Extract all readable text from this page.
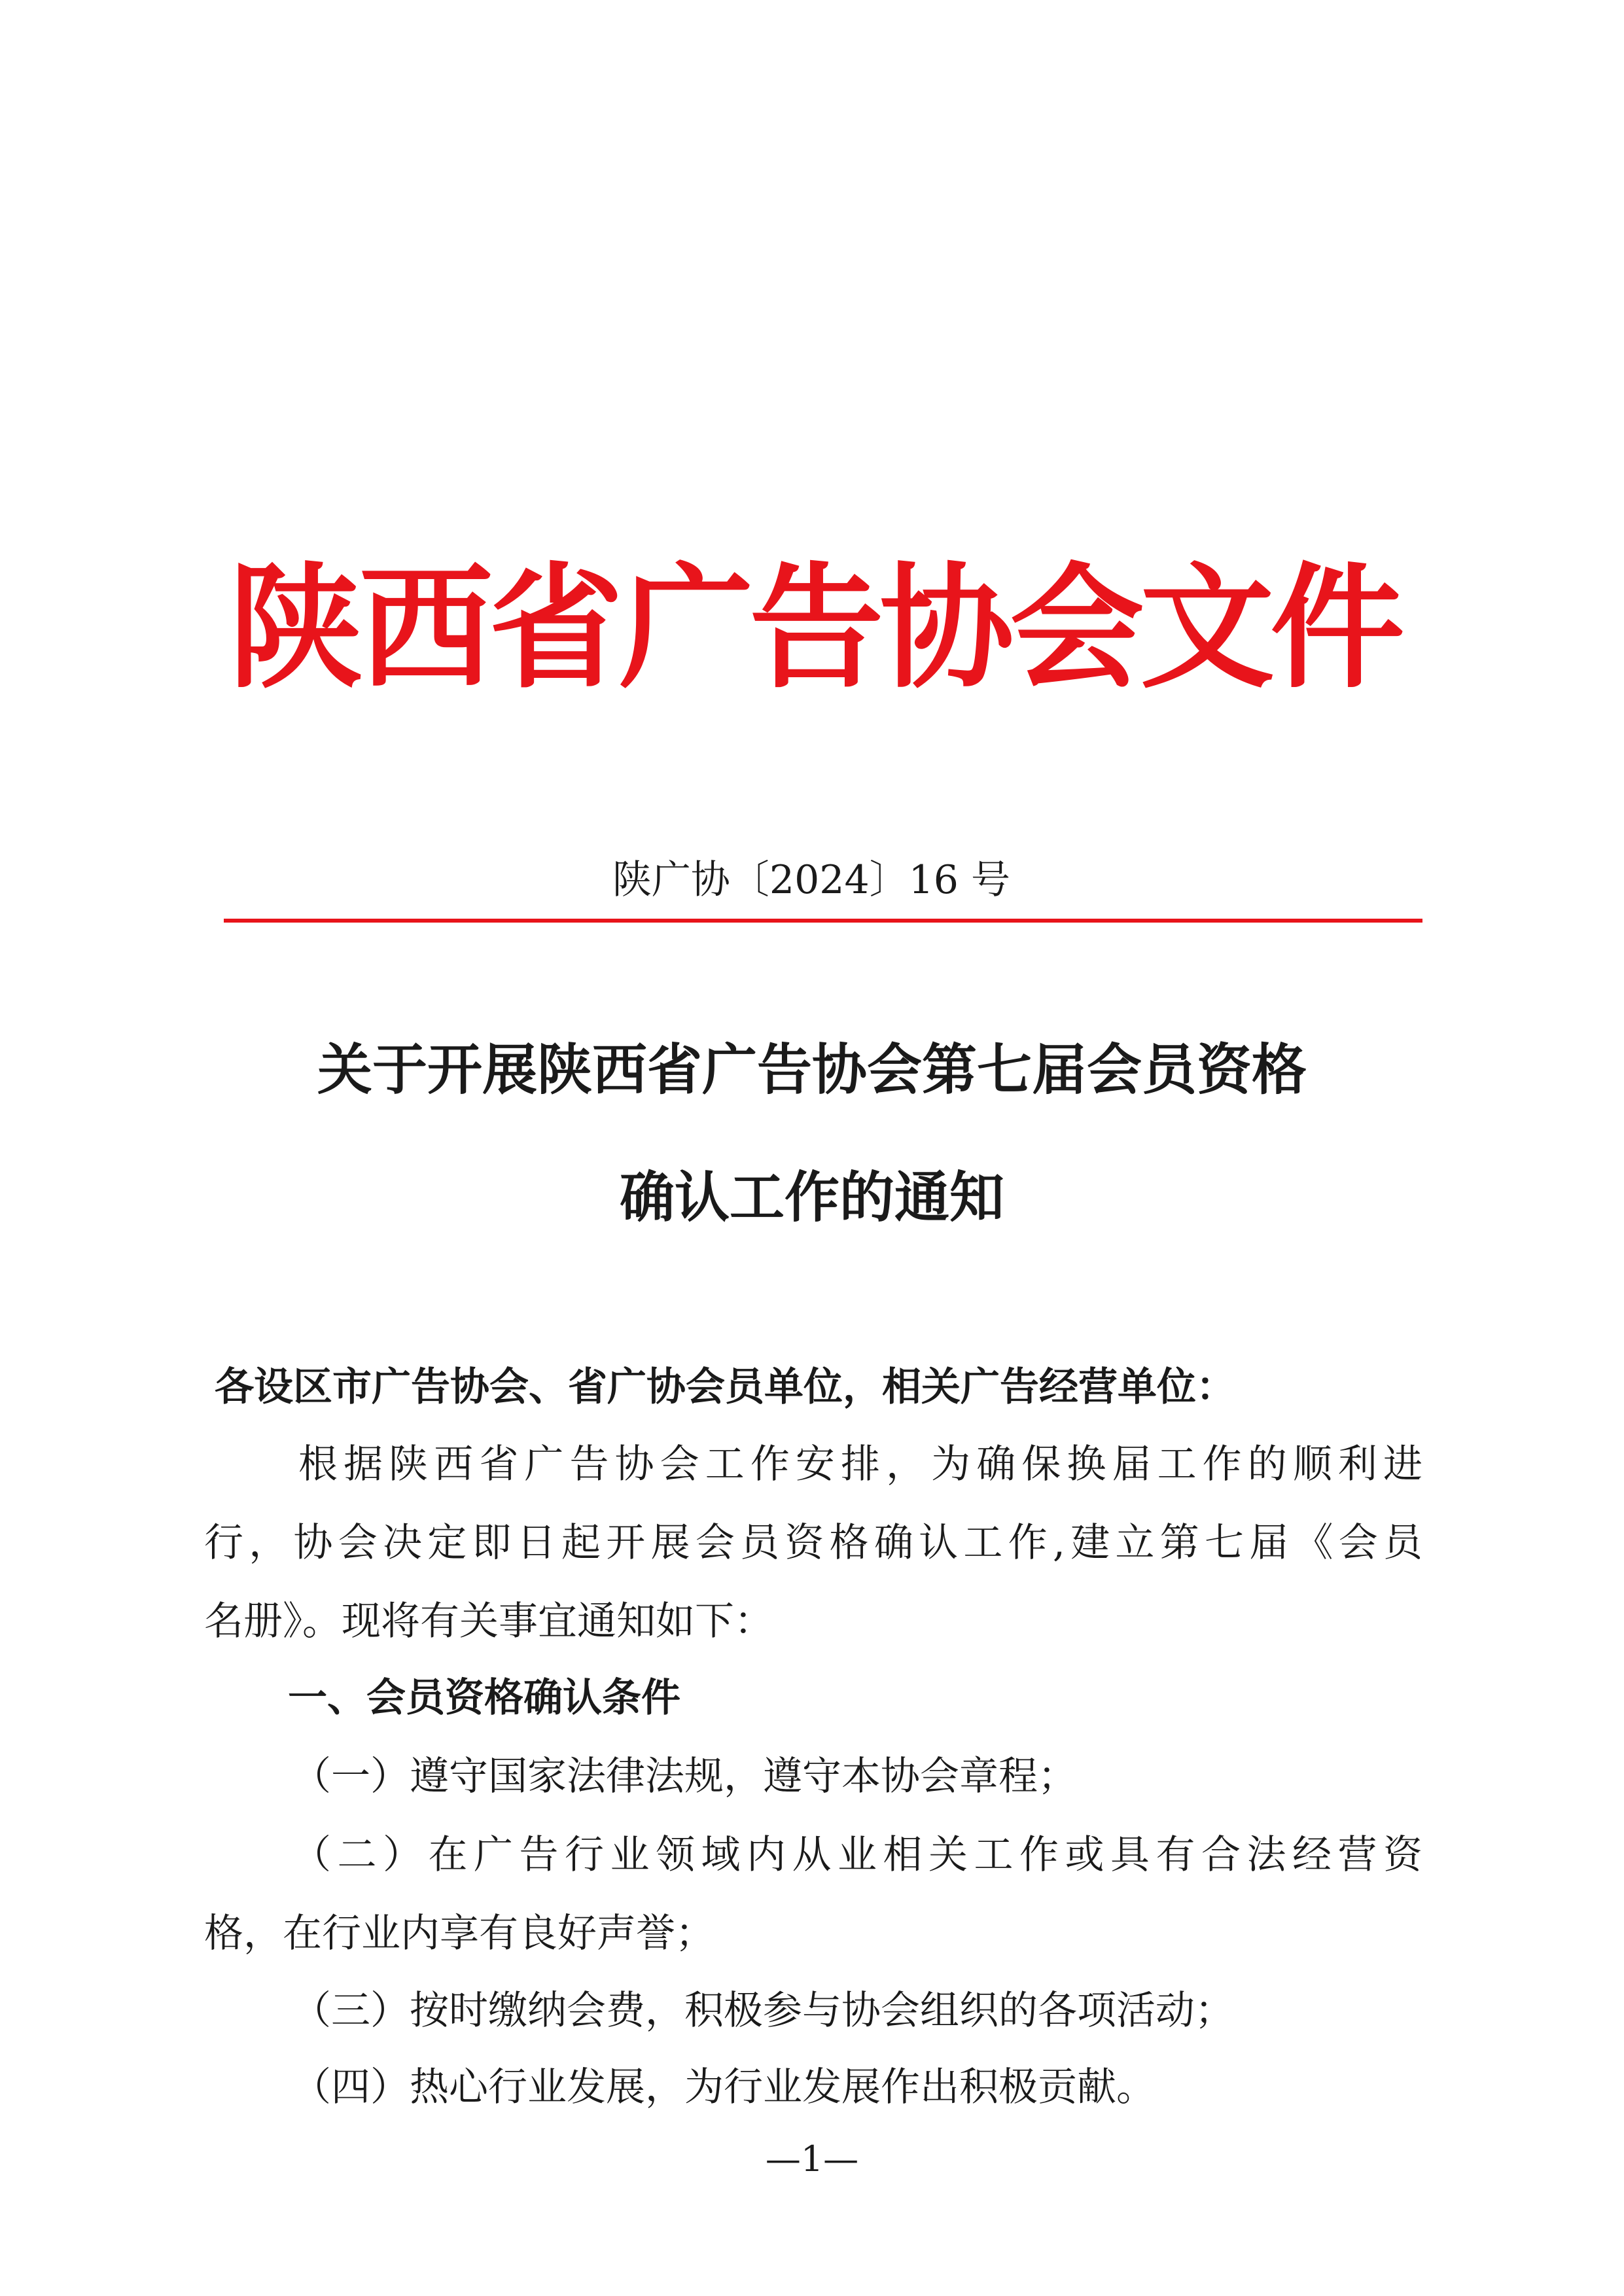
陕西省广告协会文件
陕广协〔2024〕16 号
关于开展陕西省广告协会第七届会员资格
确认工作的通知
各设区市广告协会、省广协会员单位，相关广告经营单位：
根据陕西省广告协会工作安排，为确保换届工作的顺利进
行，协会决定即日起开展会员资格确认工作,建立第七届《会员
名册》。现将有关事宜通知如下：
一、会员资格确认条件
（一）遵守国家法律法规，遵守本协会章程；
（二）在广告行业领域内从业相关工作或具有合法经营资
格，在行业内享有良好声誉；
（三）按时缴纳会费，积极参与协会组织的各项活动；
（四）热心行业发展，为行业发展作出积极贡献。
—1—
